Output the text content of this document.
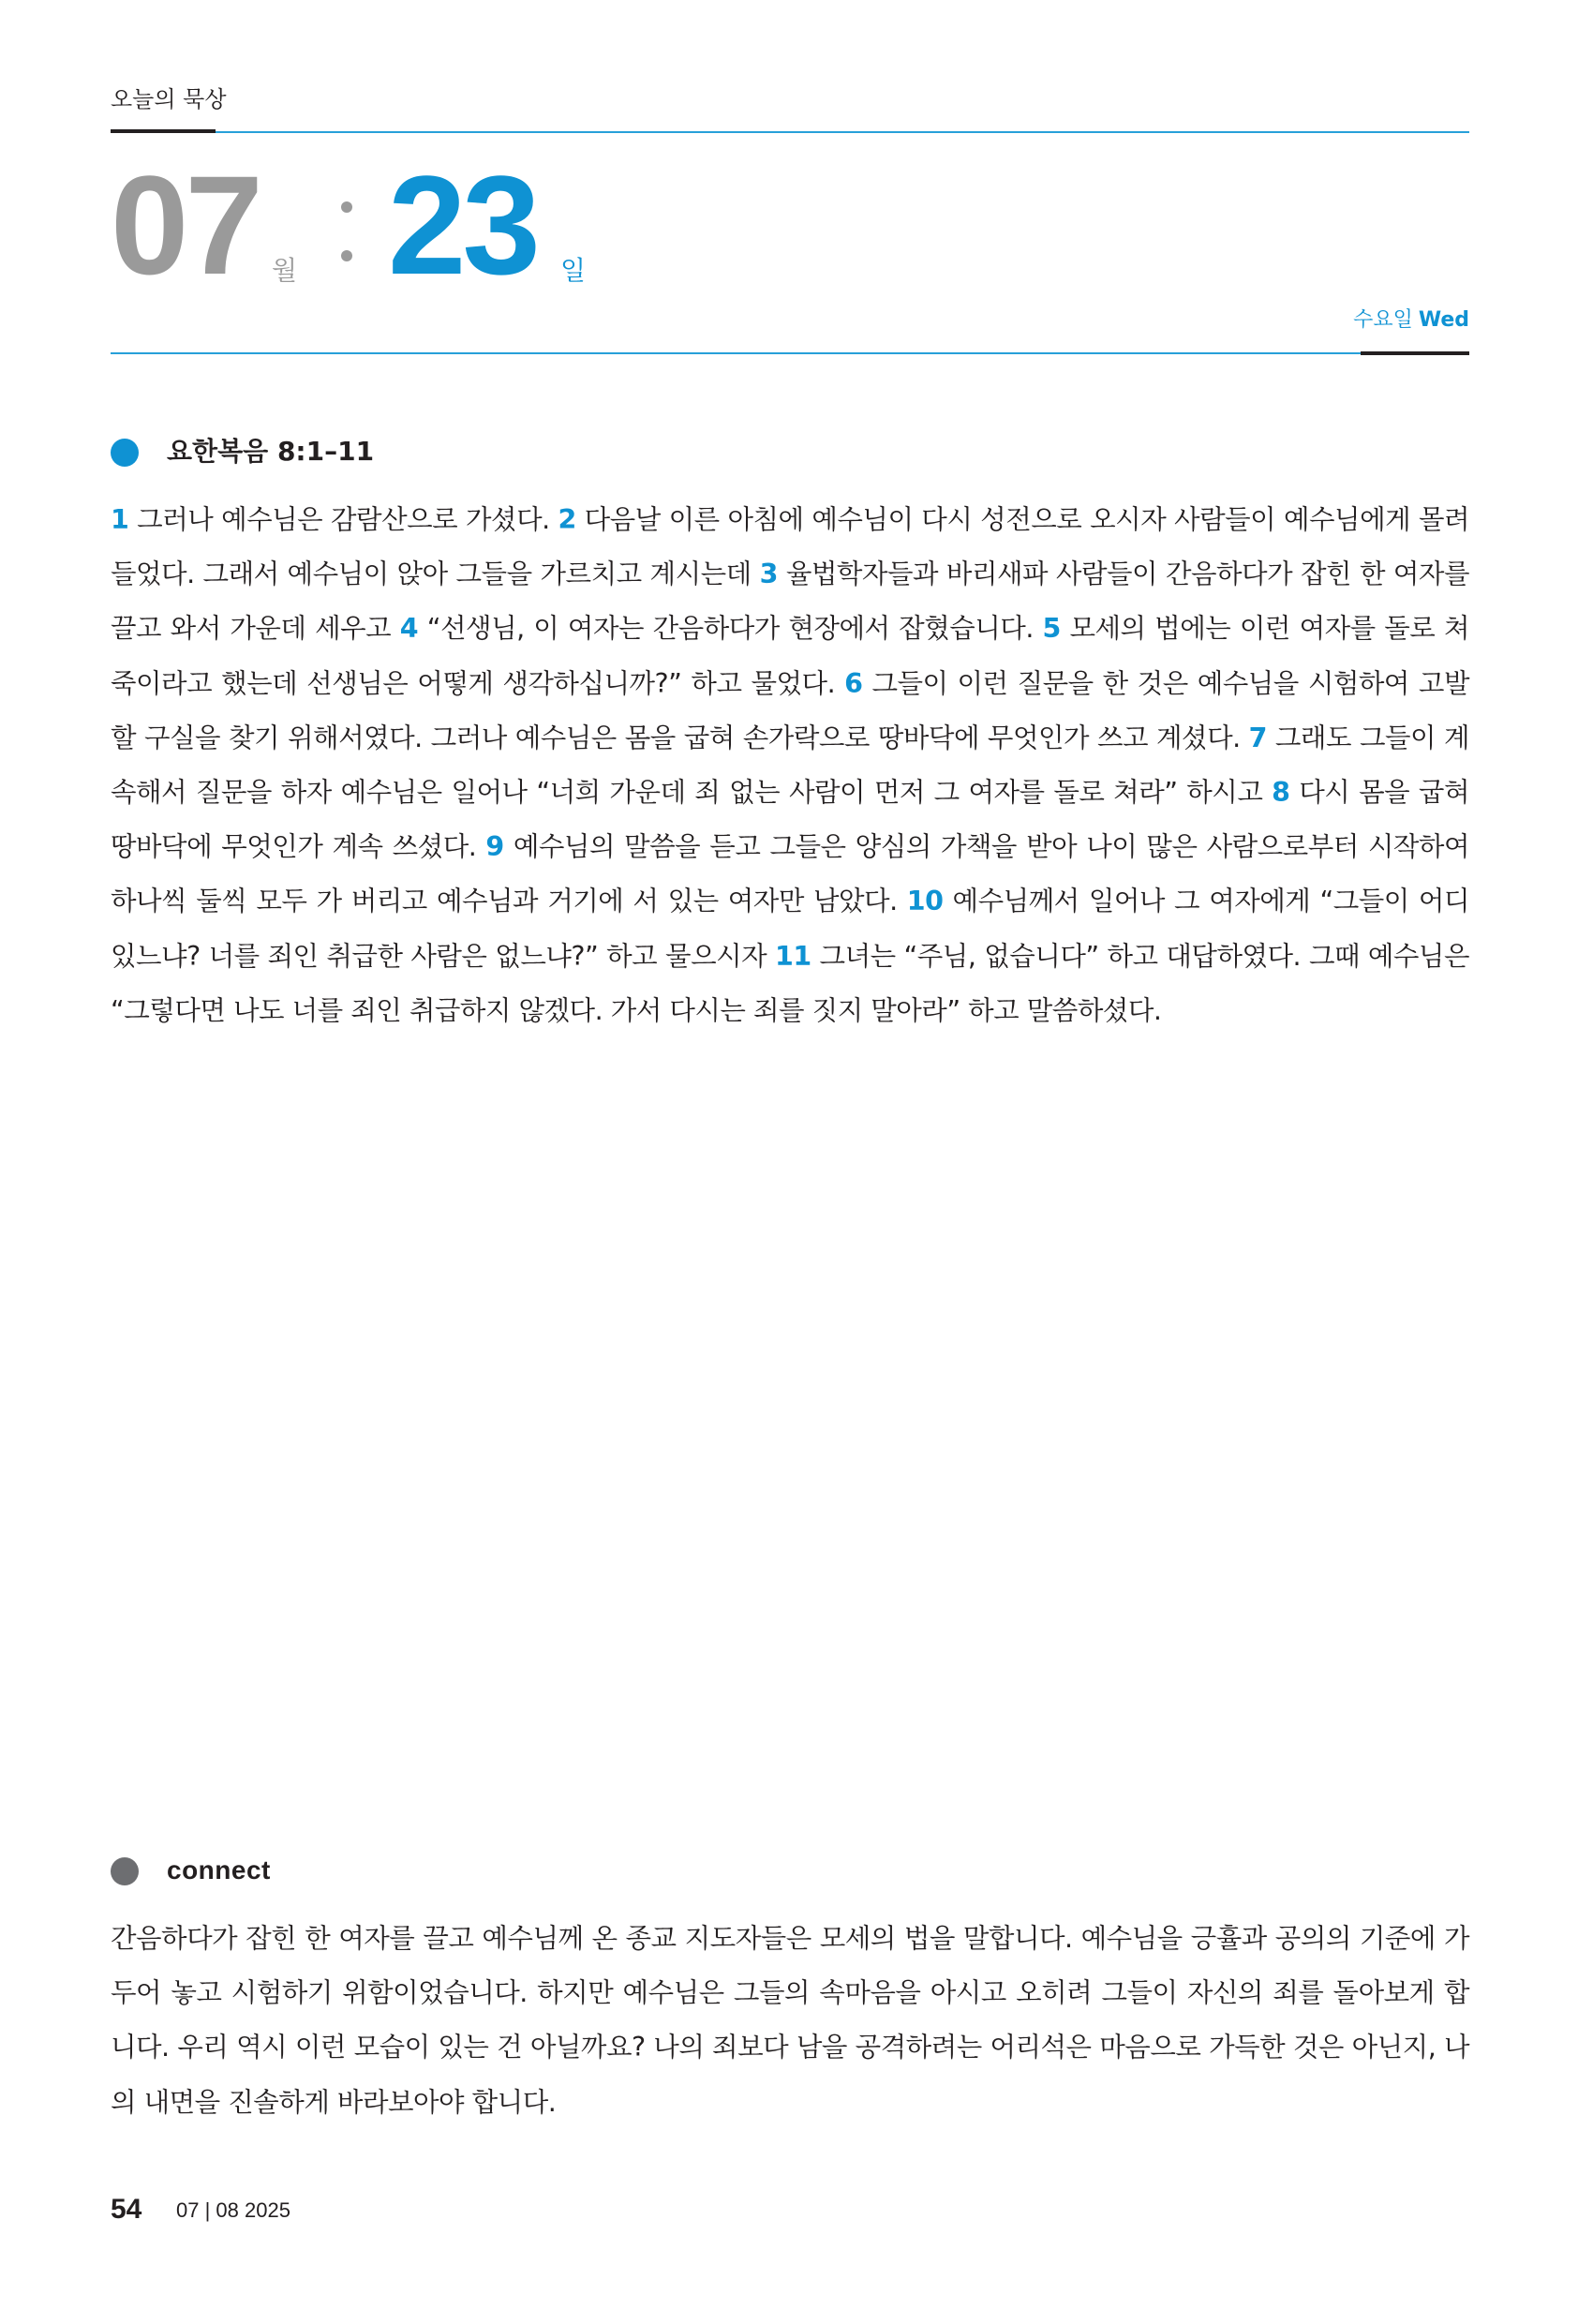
오늘의 묵상
07 월 23 일
수요일 Wed
요한복음 8:1–11
1 그러나 예수님은 감람산으로 가셨다. 2 다음날 이른 아침에 예수님이 다시 성전으로 오시자 사람들이 예수님에게 몰려들었다. 그래서 예수님이 앉아 그들을 가르치고 계시는데 3 율법학자들과 바리새파 사람들이 간음하다가 잡힌 한 여자를 끌고 와서 가운데 세우고 4 “선생님, 이 여자는 간음하다가 현장에서 잡혔습니다. 5 모세의 법에는 이런 여자를 돌로 쳐죽이라고 했는데 선생님은 어떻게 생각하십니까?” 하고 물었다. 6 그들이 이런 질문을 한 것은 예수님을 시험하여 고발할 구실을 찾기 위해서였다. 그러나 예수님은 몸을 굽혀 손가락으로 땅바닥에 무엇인가 쓰고 계셨다. 7 그래도 그들이 계속해서 질문을 하자 예수님은 일어나 “너희 가운데 죄 없는 사람이 먼저 그 여자를 돌로 쳐라” 하시고 8 다시 몸을 굽혀 땅바닥에 무엇인가 계속 쓰셨다. 9 예수님의 말씀을 듣고 그들은 양심의 가책을 받아 나이 많은 사람으로부터 시작하여 하나씩 둘씩 모두 가 버리고 예수님과 거기에 서 있는 여자만 남았다. 10 예수님께서 일어나 그 여자에게 “그들이 어디 있느냐? 너를 죄인 취급한 사람은 없느냐?” 하고 물으시자 11 그녀는 “주님, 없습니다” 하고 대답하였다. 그때 예수님은 “그렇다면 나도 너를 죄인 취급하지 않겠다. 가서 다시는 죄를 짓지 말아라” 하고 말씀하셨다.
connect
간음하다가 잡힌 한 여자를 끌고 예수님께 온 종교 지도자들은 모세의 법을 말합니다. 예수님을 긍휼과 공의의 기준에 가두어 놓고 시험하기 위함이었습니다. 하지만 예수님은 그들의 속마음을 아시고 오히려 그들이 자신의 죄를 돌아보게 합니다. 우리 역시 이런 모습이 있는 건 아닐까요? 나의 죄보다 남을 공격하려는 어리석은 마음으로 가득한 것은 아닌지, 나의 내면을 진솔하게 바라보아야 합니다.
54 07 | 08 2025
